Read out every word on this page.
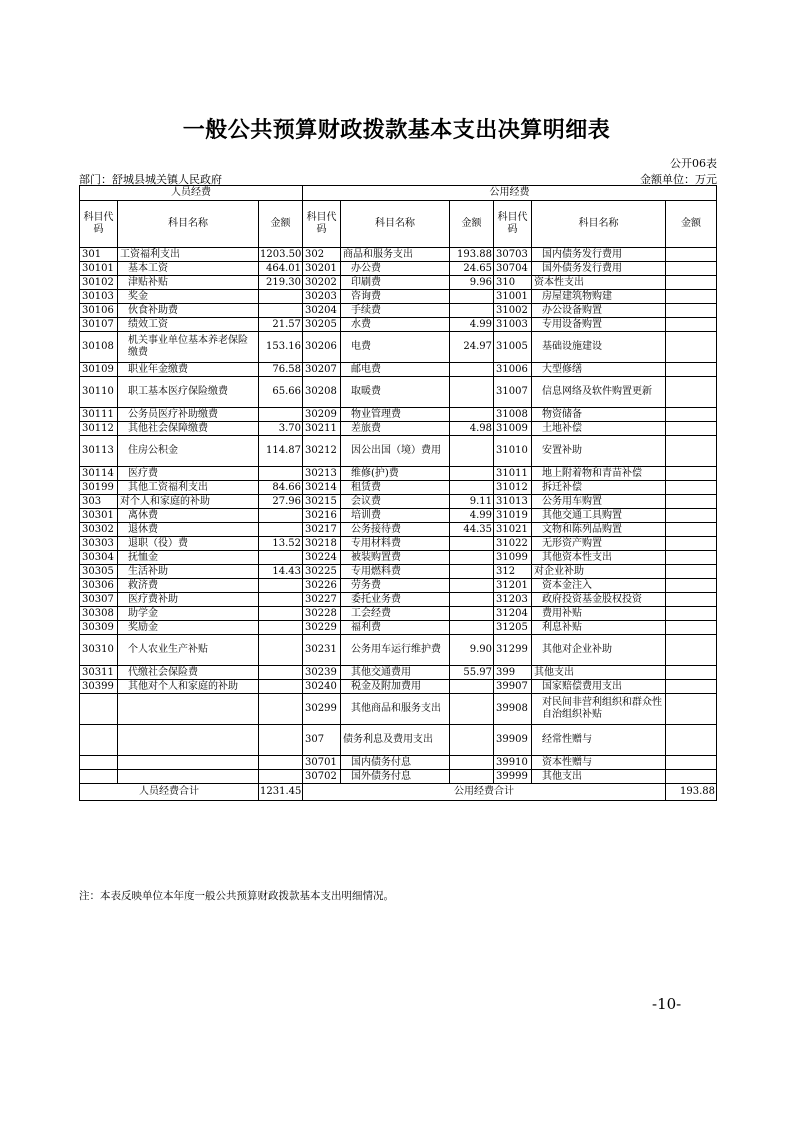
一般公共预算财政拨款基本支出决算明细表
公开06表
部门：舒城县城关镇人民政府	金额单位：万元
人员经费			公用经费					
科目代码	科目名称	金额	科目代码	科目名称	金额	科目代码	科目名称	金额
301	工资福利支出	1203.50	302	商品和服务支出	193.88	30703	国内债务发行费用	
30101	基本工资	464.01	30201	办公费	24.65	30704	国外债务发行费用	
30102	津贴补贴	219.30	30202	印刷费	9.96	310	资本性支出	
30103	奖金		30203	咨询费		31001	房屋建筑物购建	
30106	伙食补助费		30204	手续费		31002	办公设备购置	
30107	绩效工资	21.57	30205	水费	4.99	31003	专用设备购置	
30108	机关事业单位基本养老保险缴费	153.16	30206	电费	24.97	31005	基础设施建设	
30109	职业年金缴费	76.58	30207	邮电费		31006	大型修缮	
30110	职工基本医疗保险缴费	65.66	30208	取暖费		31007	信息网络及软件购置更新	
30111	公务员医疗补助缴费		30209	物业管理费		31008	物资储备	
30112	其他社会保障缴费	3.70	30211	差旅费	4.98	31009	土地补偿	
30113	住房公积金	114.87	30212	因公出国（境）费用		31010	安置补助	
30114	医疗费		30213	维修(护)费		31011	地上附着物和青苗补偿	
30199	其他工资福利支出	84.66	30214	租赁费		31012	拆迁补偿	
303	对个人和家庭的补助	27.96	30215	会议费	9.11	31013	公务用车购置	
30301	离休费		30216	培训费	4.99	31019	其他交通工具购置	
30302	退休费		30217	公务接待费	44.35	31021	文物和陈列品购置	
30303	退职（役）费	13.52	30218	专用材料费		31022	无形资产购置	
30304	抚恤金		30224	被装购置费		31099	其他资本性支出	
30305	生活补助	14.43	30225	专用燃料费		312	对企业补助	
30306	救济费		30226	劳务费		31201	资本金注入	
30307	医疗费补助		30227	委托业务费		31203	政府投资基金股权投资	
30308	助学金		30228	工会经费		31204	费用补贴	
30309	奖励金		30229	福利费		31205	利息补贴	
30310	个人农业生产补贴		30231	公务用车运行维护费	9.90	31299	其他对企业补助	
30311	代缴社会保险费		30239	其他交通费用	55.97	399	其他支出	
30399	其他对个人和家庭的补助		30240	税金及附加费用		39907	国家赔偿费用支出	
			30299	其他商品和服务支出		39908	对民间非营利组织和群众性自治组织补贴	
			307	债务利息及费用支出		39909	经常性赠与	
			30701	国内债务付息		39910	资本性赠与	
			30702	国外债务付息		39999	其他支出	
人员经费合计		1231.45	公用经费合计					193.88
注：本表反映单位本年度一般公共预算财政拨款基本支出明细情况。
-10-
